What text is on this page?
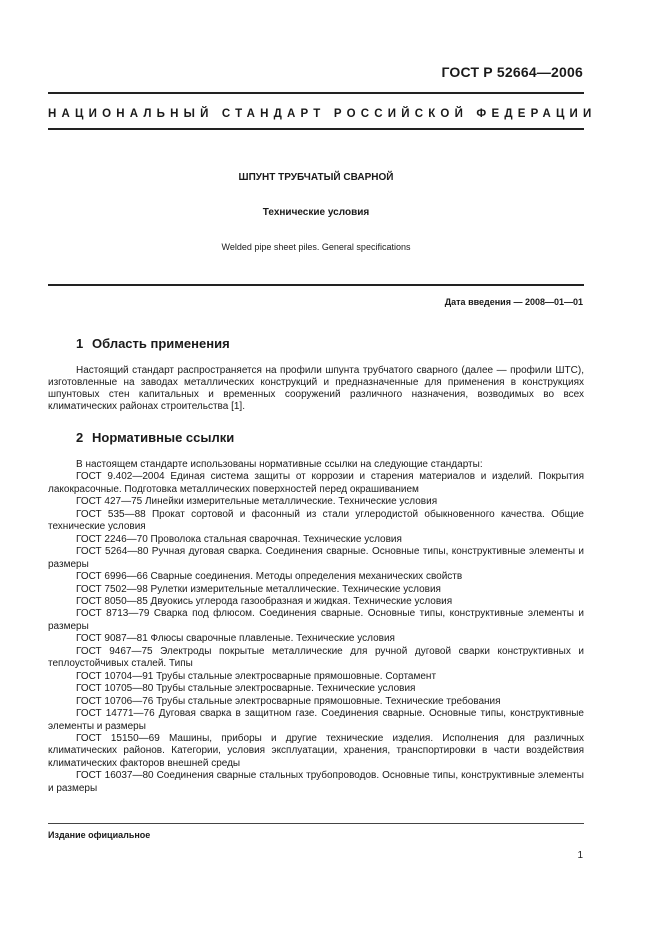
ГОСТ Р 52664—2006
НАЦИОНАЛЬНЫЙ СТАНДАРТ РОССИЙСКОЙ ФЕДЕРАЦИИ
ШПУНТ ТРУБЧАТЫЙ СВАРНОЙ
Технические условия
Welded pipe sheet piles. General specifications
Дата введения — 2008—01—01
1 Область применения

Настоящий стандарт распространяется на профили шпунта трубчатого сварного (далее — профили ШТС), изготовленные на заводах металлических конструкций и предназначенные для применения в конструкциях шпунтовых стен капитальных и временных сооружений различного назначения, возводимых во всех климатических районах строительства [1].

2 Нормативные ссылки

В настоящем стандарте использованы нормативные ссылки на следующие стандарты:

ГОСТ 9.402—2004 Единая система защиты от коррозии и старения материалов и изделий. Покрытия лакокрасочные. Подготовка металлических поверхностей перед окрашиванием

ГОСТ 427—75 Линейки измерительные металлические. Технические условия

ГОСТ 535—88 Прокат сортовой и фасонный из стали углеродистой обыкновенного качества. Общие технические условия

ГОСТ 2246—70 Проволока стальная сварочная. Технические условия

ГОСТ 5264—80 Ручная дуговая сварка. Соединения сварные. Основные типы, конструктивные элементы и размеры

ГОСТ 6996—66 Сварные соединения. Методы определения механических свойств

ГОСТ 7502—98 Рулетки измерительные металлические. Технические условия

ГОСТ 8050—85 Двуокись углерода газообразная и жидкая. Технические условия

ГОСТ 8713—79 Сварка под флюсом. Соединения сварные. Основные типы, конструктивные элементы и размеры

ГОСТ 9087—81 Флюсы сварочные плавленые. Технические условия

ГОСТ 9467—75 Электроды покрытые металлические для ручной дуговой сварки конструктивных и теплоустойчивых сталей. Типы

ГОСТ 10704—91 Трубы стальные электросварные прямошовные. Сортамент

ГОСТ 10705—80 Трубы стальные электросварные. Технические условия

ГОСТ 10706—76 Трубы стальные электросварные прямошовные. Технические требования

ГОСТ 14771—76 Дуговая сварка в защитном газе. Соединения сварные. Основные типы, конструктивные элементы и размеры

ГОСТ 15150—69 Машины, приборы и другие технические изделия. Исполнения для различных климатических районов. Категории, условия эксплуатации, хранения, транспортировки в части воздействия климатических факторов внешней среды

ГОСТ 16037—80 Соединения сварные стальных трубопроводов. Основные типы, конструктивные элементы и размеры

Издание официальное
1
